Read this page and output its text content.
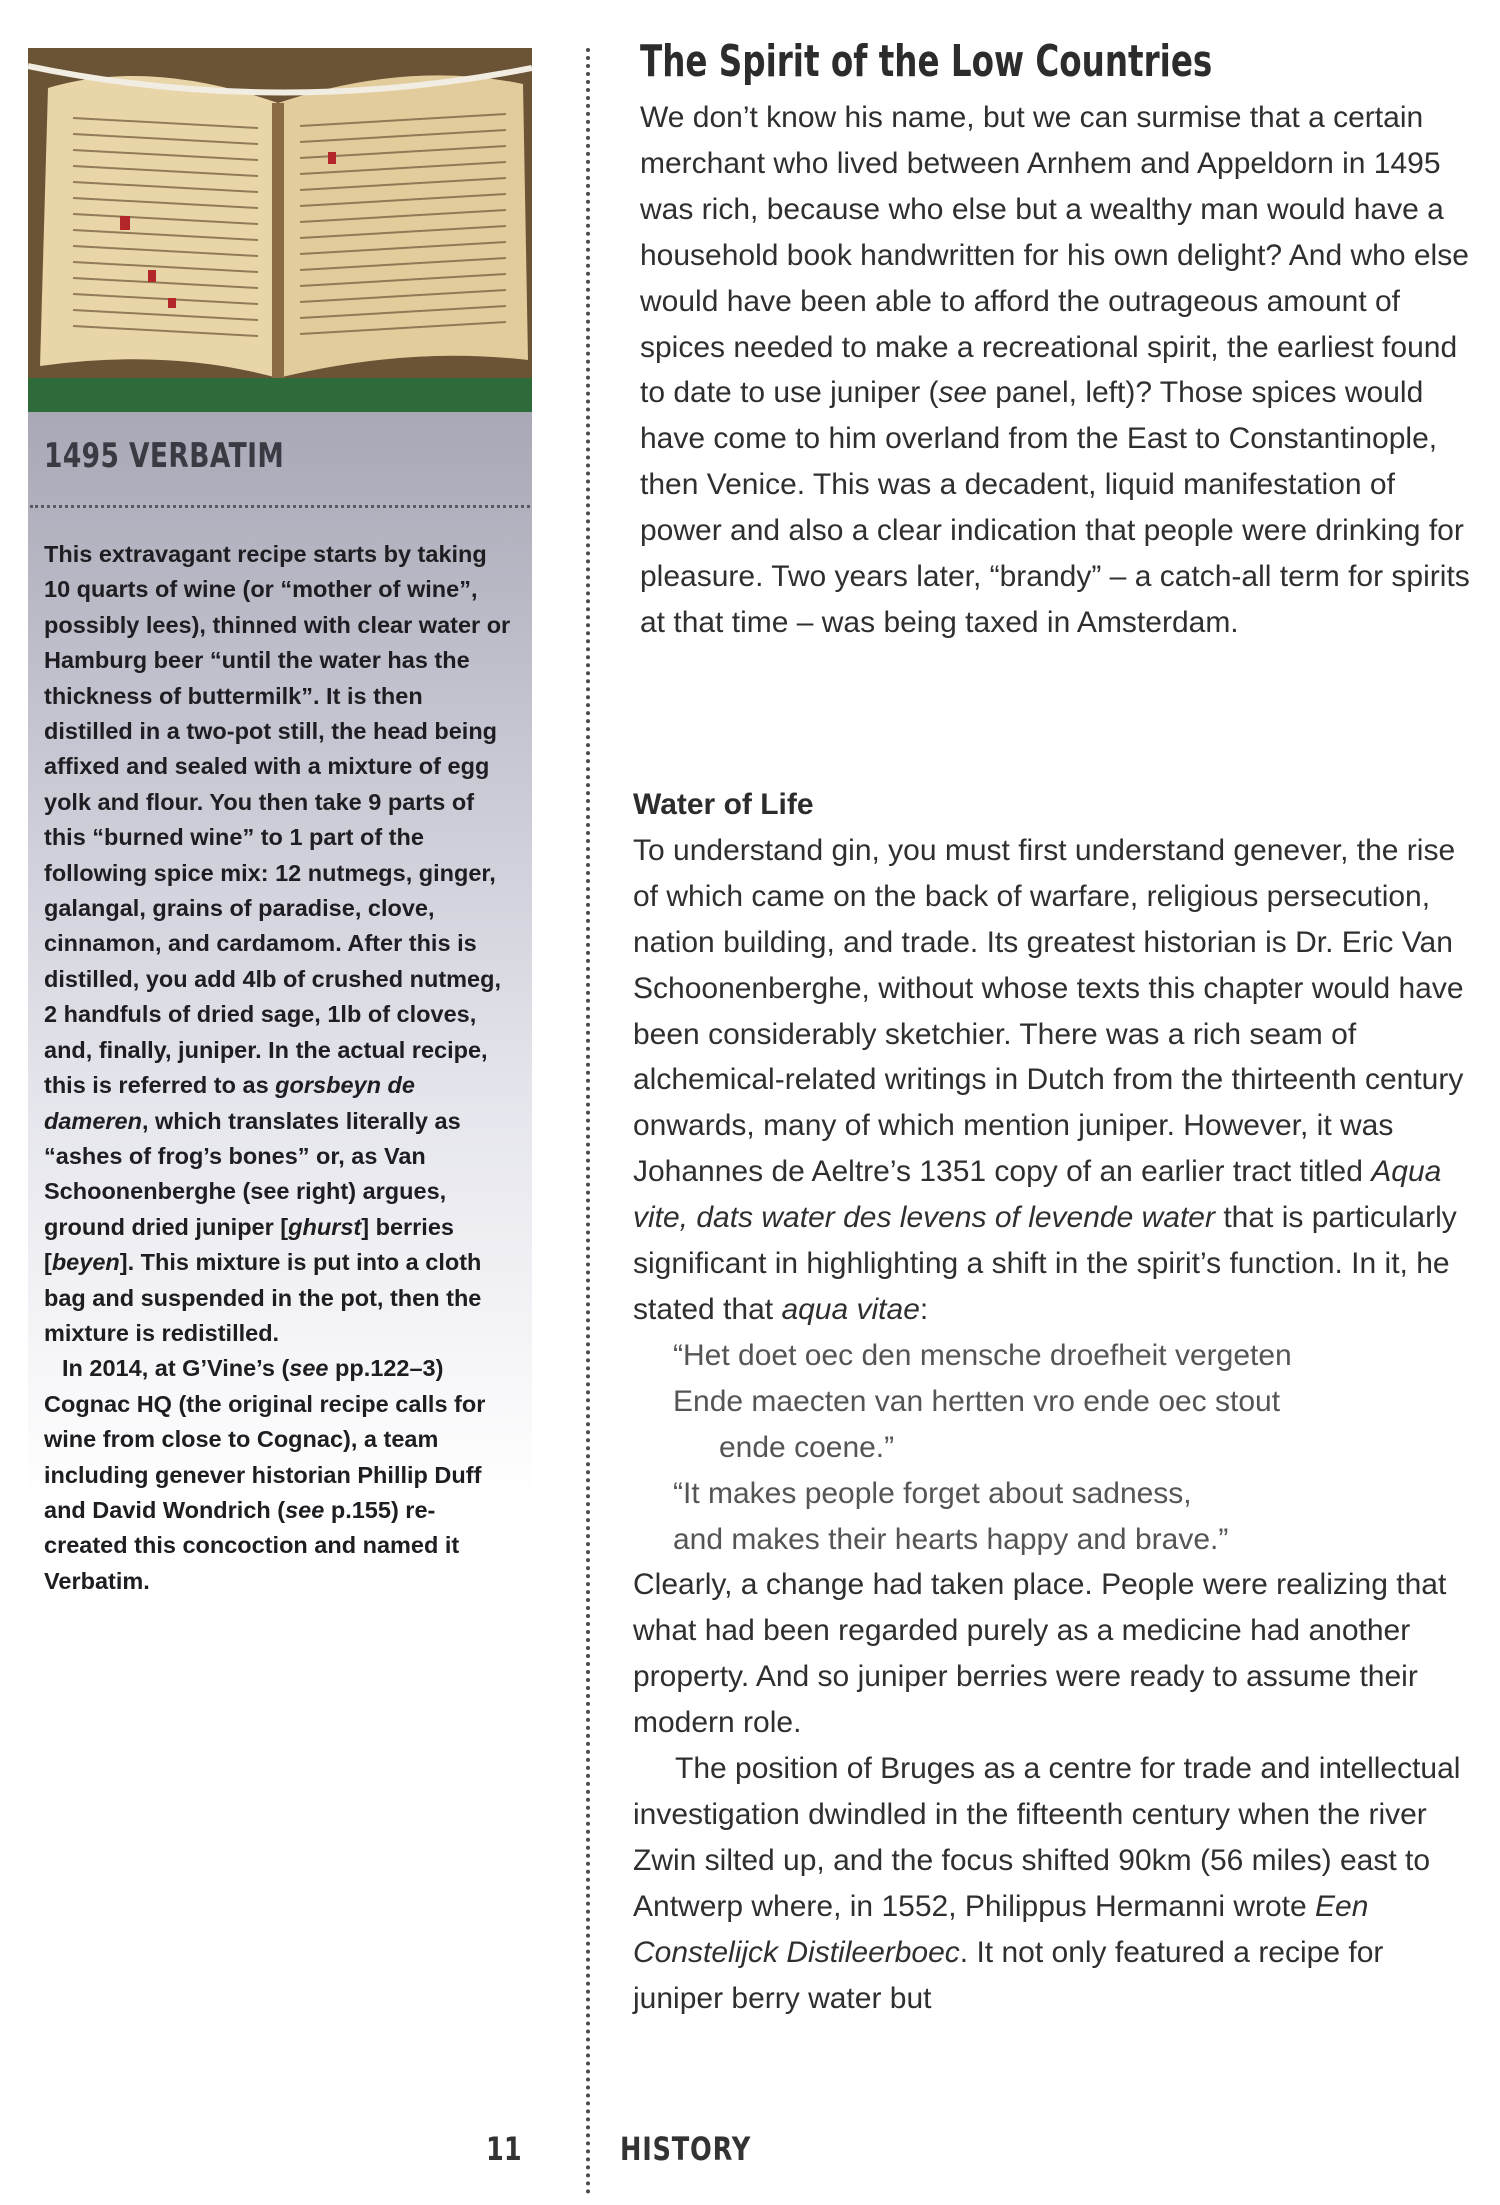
1495 VERBATIM

This extravagant recipe starts by taking 10 quarts of wine (or “mother of wine”, possibly lees), thinned with clear water or Hamburg beer “until the water has the thickness of buttermilk”. It is then distilled in a two-pot still, the head being affixed and sealed with a mixture of egg yolk and flour. You then take 9 parts of this “burned wine” to 1 part of the following spice mix: 12 nutmegs, ginger, galangal, grains of paradise, clove, cinnamon, and cardamom. After this is distilled, you add 4lb of crushed nutmeg, 2 handfuls of dried sage, 1lb of cloves, and, finally, juniper. In the actual recipe, this is referred to as gorsbeyn de dameren, which translates literally as “ashes of frog’s bones” or, as Van Schoonenberghe (see right) argues, ground dried juniper [ghurst] berries [beyen]. This mixture is put into a cloth bag and suspended in the pot, then the mixture is redistilled.

In 2014, at G’Vine’s (see pp.122–3) Cognac HQ (the original recipe calls for wine from close to Cognac), a team including genever historian Phillip Duff and David Wondrich (see p.155) re-created this concoction and named it Verbatim.

The Spirit of the Low Countries

We don’t know his name, but we can surmise that a certain merchant who lived between Arnhem and Appeldorn in 1495 was rich, because who else but a wealthy man would have a household book handwritten for his own delight? And who else would have been able to afford the outrageous amount of spices needed to make a recreational spirit, the earliest found to date to use juniper (see panel, left)? Those spices would have come to him overland from the East to Constantinople, then Venice. This was a decadent, liquid manifestation of power and also a clear indication that people were drinking for pleasure. Two years later, “brandy” – a catch-all term for spirits at that time – was being taxed in Amsterdam.

Water of Life

To understand gin, you must first understand genever, the rise of which came on the back of warfare, religious persecution, nation building, and trade. Its greatest historian is Dr. Eric Van Schoonenberghe, without whose texts this chapter would have been considerably sketchier. There was a rich seam of alchemical-related writings in Dutch from the thirteenth century onwards, many of which mention juniper. However, it was Johannes de Aeltre’s 1351 copy of an earlier tract titled Aqua vite, dats water des levens of levende water that is particularly significant in highlighting a shift in the spirit’s function. In it, he stated that aqua vitae:

“Het doet oec den mensche droefheit vergeten
Ende maecten van hertten vro ende oec stout
ende coene.”
“It makes people forget about sadness,
and makes their hearts happy and brave.”

Clearly, a change had taken place. People were realizing that what had been regarded purely as a medicine had another property. And so juniper berries were ready to assume their modern role.

The position of Bruges as a centre for trade and intellectual investigation dwindled in the fifteenth century when the river Zwin silted up, and the focus shifted 90km (56 miles) east to Antwerp where, in 1552, Philippus Hermanni wrote Een Constelijck Distileerboec. It not only featured a recipe for juniper berry water but

11	HISTORY
